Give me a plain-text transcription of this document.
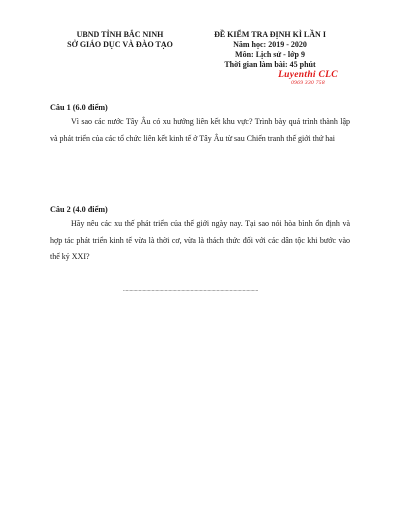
UBND TỈNH BẮC NINH
SỞ GIÁO DỤC VÀ ĐÀO TẠO
ĐỀ KIỂM TRA ĐỊNH KÌ LẦN I
Năm học: 2019 - 2020
Môn: Lịch sử - lớp 9
Thời gian làm bài: 45 phút
Luyenthi CLC
0969 330 758
Câu 1 (6.0 điểm)
Vì sao các nước Tây Âu có xu hướng liên kết khu vực? Trình bày quá trình thành lập và phát triển của các tổ chức liên kết kinh tế ở Tây Âu từ sau Chiến tranh thế giới thứ hai
Câu 2 (4.0 điểm)
Hãy nêu các xu thế phát triển của thế giới ngày nay. Tại sao nói hòa bình ổn định và hợp tác phát triển kinh tế vừa là thời cơ, vừa là thách thức đối với các dân tộc khi bước vào thế kỷ XXI?
........................................................................................................
